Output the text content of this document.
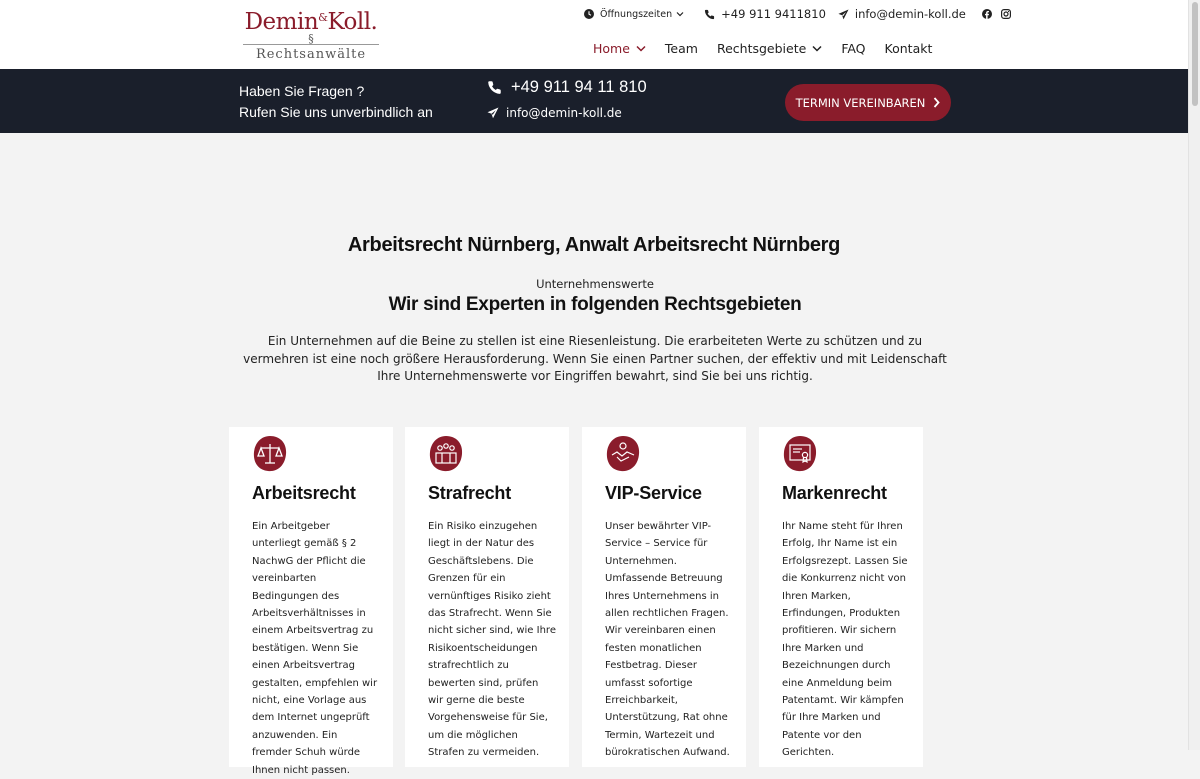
Demin&Koll.
§
Rechtsanwälte
Öffnungszeiten	+49 911 9411810	info@demin-koll.de
Home	Team Rechtsgebiete	FAQ Kontakt
Haben Sie Fragen ?
Rufen Sie uns unverbindlich an
+49 911 94 11 810
info@demin-koll.de
TERMIN VEREINBAREN
Arbeitsrecht Nürnberg, Anwalt Arbeitsrecht Nürnberg
Unternehmenswerte
Wir sind Experten in folgenden Rechtsgebieten

Ein Unternehmen auf die Beine zu stellen ist eine Riesenleistung. Die erarbeiteten Werte zu schützen und zu vermehren ist eine noch größere Herausforderung. Wenn Sie einen Partner suchen, der effektiv und mit Leidenschaft Ihre Unternehmenswerte vor Eingriffen bewahrt, sind Sie bei uns richtig.

Arbeitsrecht
Ein Arbeitgeber unterliegt gemäß § 2 NachwG der Pflicht die vereinbarten Bedingungen des Arbeitsverhältnisses in einem Arbeitsvertrag zu bestätigen. Wenn Sie einen Arbeitsvertrag gestalten, empfehlen wir nicht, eine Vorlage aus dem Internet ungeprüft anzuwenden. Ein fremder Schuh würde Ihnen nicht passen.
Strafrecht
Ein Risiko einzugehen liegt in der Natur des Geschäftslebens. Die Grenzen für ein vernünftiges Risiko zieht das Strafrecht. Wenn Sie nicht sicher sind, wie Ihre Risikoentscheidungen strafrechtlich zu bewerten sind, prüfen wir gerne die beste Vorgehensweise für Sie, um die möglichen Strafen zu vermeiden.
VIP-Service
Unser bewährter VIP-Service – Service für Unternehmen. Umfassende Betreuung Ihres Unternehmens in allen rechtlichen Fragen. Wir vereinbaren einen festen monatlichen Festbetrag. Dieser umfasst sofortige Erreichbarkeit, Unterstützung, Rat ohne Termin, Wartezeit und bürokratischen Aufwand.
Markenrecht
Ihr Name steht für Ihren Erfolg, Ihr Name ist ein Erfolgsrezept. Lassen Sie die Konkurrenz nicht von Ihren Marken, Erfindungen, Produkten profitieren. Wir sichern Ihre Marken und Bezeichnungen durch eine Anmeldung beim Patentamt. Wir kämpfen für Ihre Marken und Patente vor den Gerichten.
